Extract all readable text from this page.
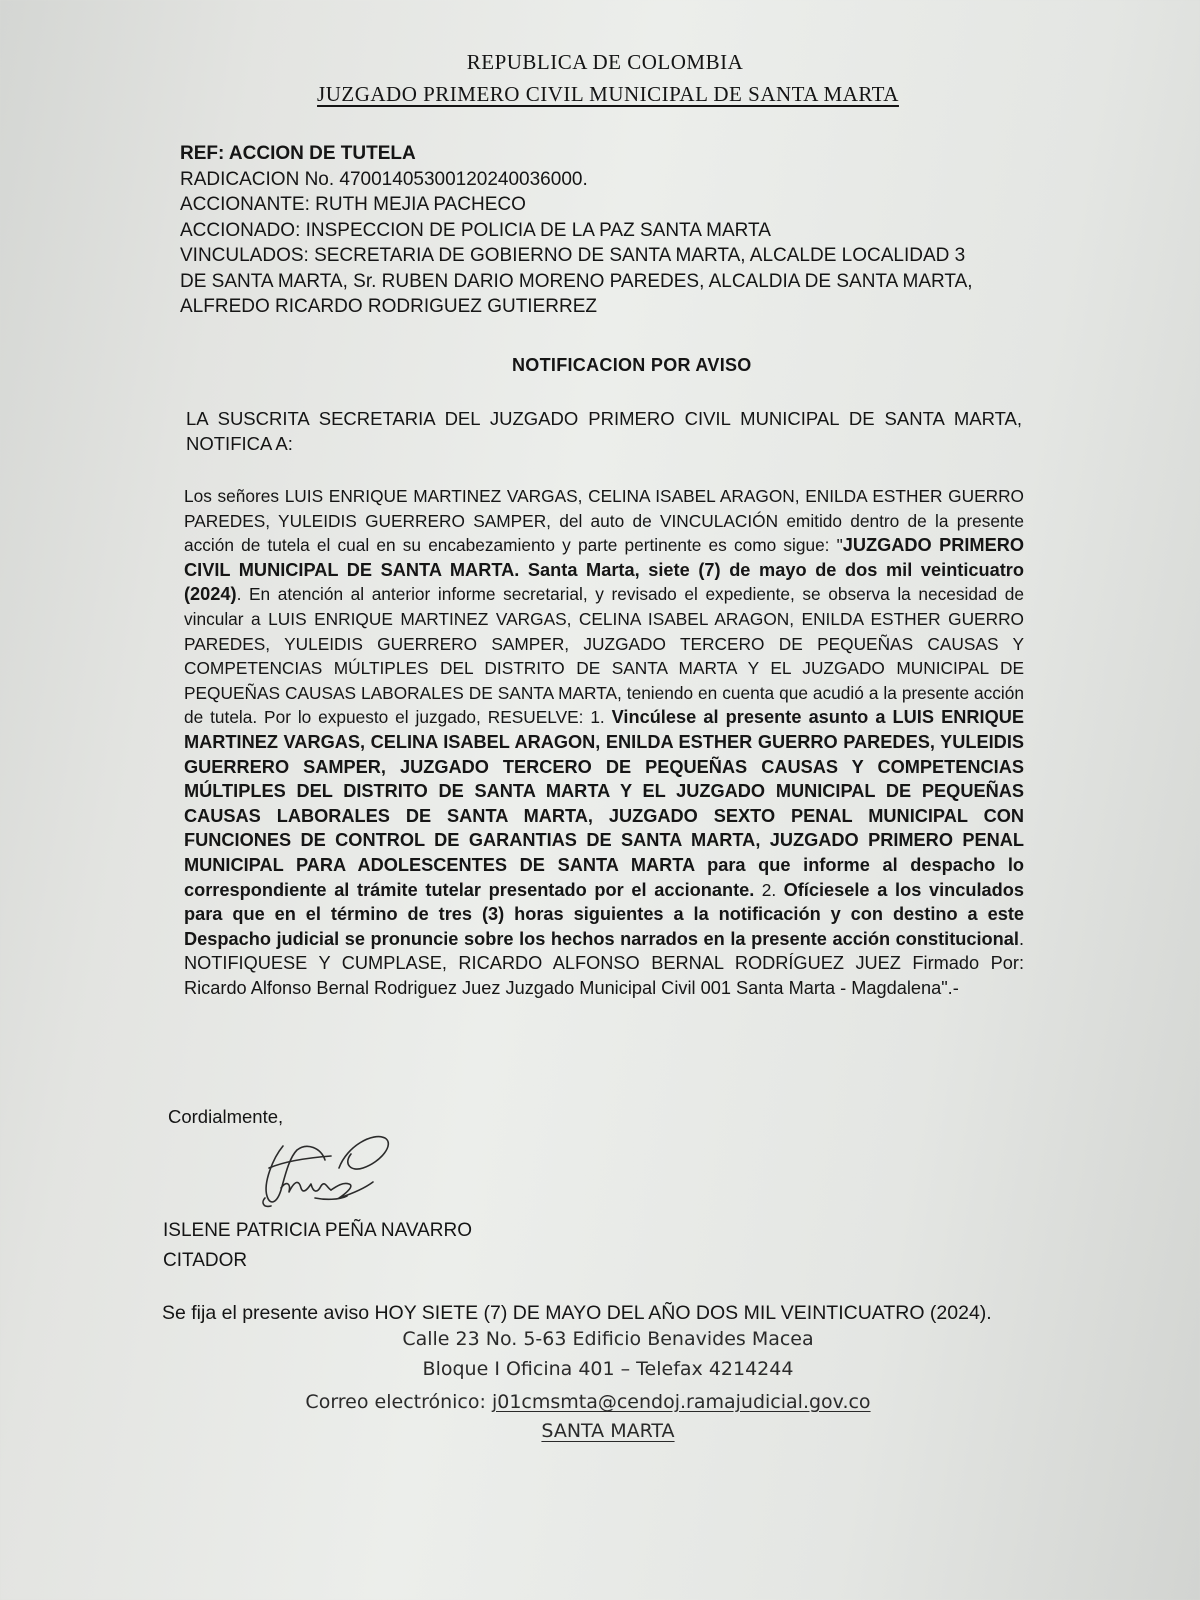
REPUBLICA DE COLOMBIA
JUZGADO PRIMERO CIVIL MUNICIPAL DE SANTA MARTA
REF: ACCION DE TUTELA
RADICACION No. 47001405300120240036000.
ACCIONANTE: RUTH MEJIA PACHECO
ACCIONADO: INSPECCION DE POLICIA DE LA PAZ SANTA MARTA
VINCULADOS: SECRETARIA DE GOBIERNO DE SANTA MARTA, ALCALDE LOCALIDAD 3
DE SANTA MARTA, Sr. RUBEN DARIO MORENO PAREDES, ALCALDIA DE SANTA MARTA,
ALFREDO RICARDO RODRIGUEZ GUTIERREZ
NOTIFICACION POR AVISO
LA SUSCRITA SECRETARIA DEL JUZGADO PRIMERO CIVIL MUNICIPAL DE SANTA MARTA, NOTIFICA A:
Los señores LUIS ENRIQUE MARTINEZ VARGAS, CELINA ISABEL ARAGON, ENILDA ESTHER GUERRO PAREDES, YULEIDIS GUERRERO SAMPER, del auto de VINCULACIÓN emitido dentro de la presente acción de tutela el cual en su encabezamiento y parte pertinente es como sigue: "JUZGADO PRIMERO CIVIL MUNICIPAL DE SANTA MARTA. Santa Marta, siete (7) de mayo de dos mil veinticuatro (2024). En atención al anterior informe secretarial, y revisado el expediente, se observa la necesidad de vincular a LUIS ENRIQUE MARTINEZ VARGAS, CELINA ISABEL ARAGON, ENILDA ESTHER GUERRO PAREDES, YULEIDIS GUERRERO SAMPER, JUZGADO TERCERO DE PEQUEÑAS CAUSAS Y COMPETENCIAS MÚLTIPLES DEL DISTRITO DE SANTA MARTA Y EL JUZGADO MUNICIPAL DE PEQUEÑAS CAUSAS LABORALES DE SANTA MARTA, teniendo en cuenta que acudió a la presente acción de tutela. Por lo expuesto el juzgado, RESUELVE: 1. Vincúlese al presente asunto a LUIS ENRIQUE MARTINEZ VARGAS, CELINA ISABEL ARAGON, ENILDA ESTHER GUERRO PAREDES, YULEIDIS GUERRERO SAMPER, JUZGADO TERCERO DE PEQUEÑAS CAUSAS Y COMPETENCIAS MÚLTIPLES DEL DISTRITO DE SANTA MARTA Y EL JUZGADO MUNICIPAL DE PEQUEÑAS CAUSAS LABORALES DE SANTA MARTA, JUZGADO SEXTO PENAL MUNICIPAL CON FUNCIONES DE CONTROL DE GARANTIAS DE SANTA MARTA, JUZGADO PRIMERO PENAL MUNICIPAL PARA ADOLESCENTES DE SANTA MARTA para que informe al despacho lo correspondiente al trámite tutelar presentado por el accionante. 2. Ofíciesele a los vinculados para que en el término de tres (3) horas siguientes a la notificación y con destino a este Despacho judicial se pronuncie sobre los hechos narrados en la presente acción constitucional. NOTIFIQUESE Y CUMPLASE, RICARDO ALFONSO BERNAL RODRÍGUEZ JUEZ Firmado Por: Ricardo Alfonso Bernal Rodriguez Juez Juzgado Municipal Civil 001 Santa Marta - Magdalena".-
Cordialmente,
ISLENE PATRICIA PEÑA NAVARRO
CITADOR
Se fija el presente aviso HOY SIETE (7) DE MAYO DEL AÑO DOS MIL VEINTICUATRO (2024).
Calle 23 No. 5-63 Edificio Benavides Macea
Bloque I Oficina 401 – Telefax 4214244
Correo electrónico: j01cmsmta@cendoj.ramajudicial.gov.co
SANTA MARTA
